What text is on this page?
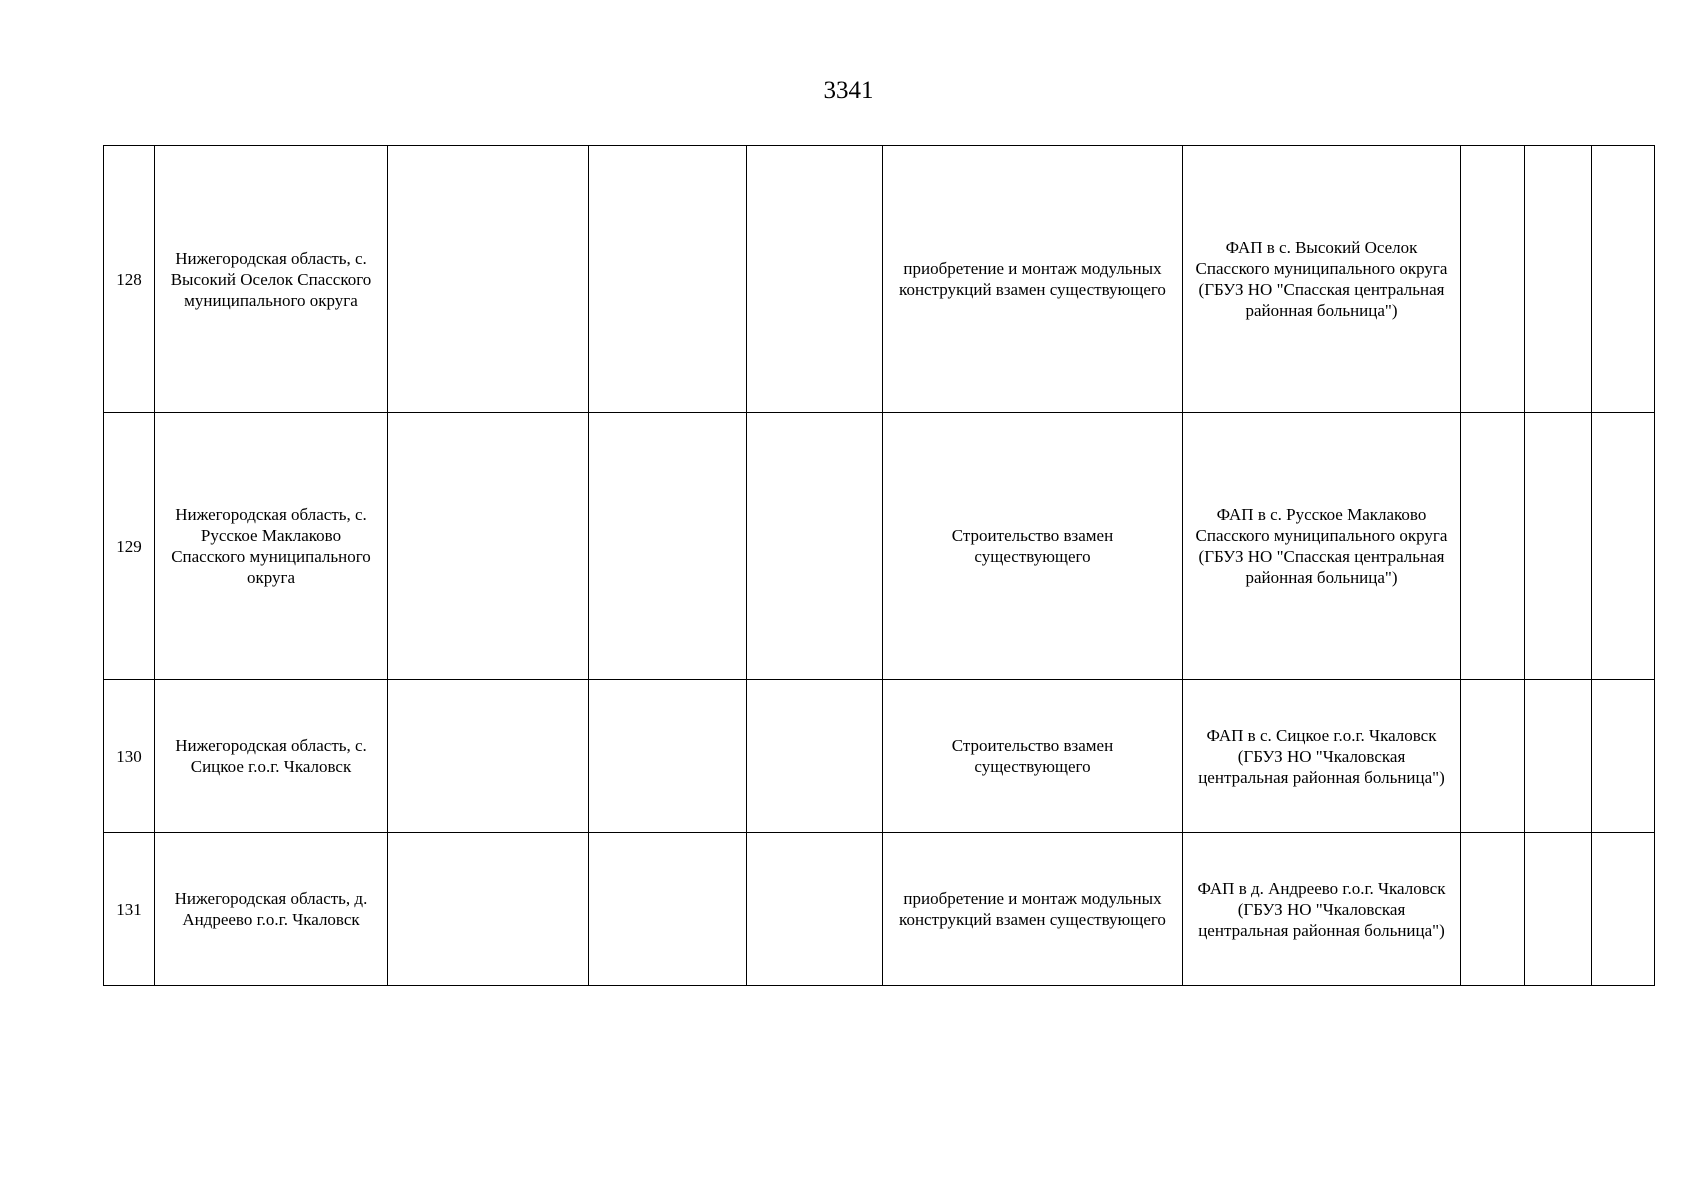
3341
128	Нижегородская область, с. Высокий Оселок Спасского муниципального округа				приобретение и монтаж модульных конструкций взамен существующего	ФАП в с. Высокий Оселок Спасского муниципального округа (ГБУЗ НО "Спасская центральная районная больница")			
129	Нижегородская область, с. Русское Маклаково Спасского муниципального округа				Строительство взамен существующего	ФАП в с. Русское Маклаково Спасского муниципального округа (ГБУЗ НО "Спасская центральная районная больница")			
130	Нижегородская область, с. Сицкое г.о.г. Чкаловск				Строительство взамен существующего	ФАП в с. Сицкое г.о.г. Чкаловск (ГБУЗ НО "Чкаловская центральная районная больница")			
131	Нижегородская область, д. Андреево г.о.г. Чкаловск				приобретение и монтаж модульных конструкций взамен существующего	ФАП в д. Андреево г.о.г. Чкаловск (ГБУЗ НО "Чкаловская центральная районная больница")			
